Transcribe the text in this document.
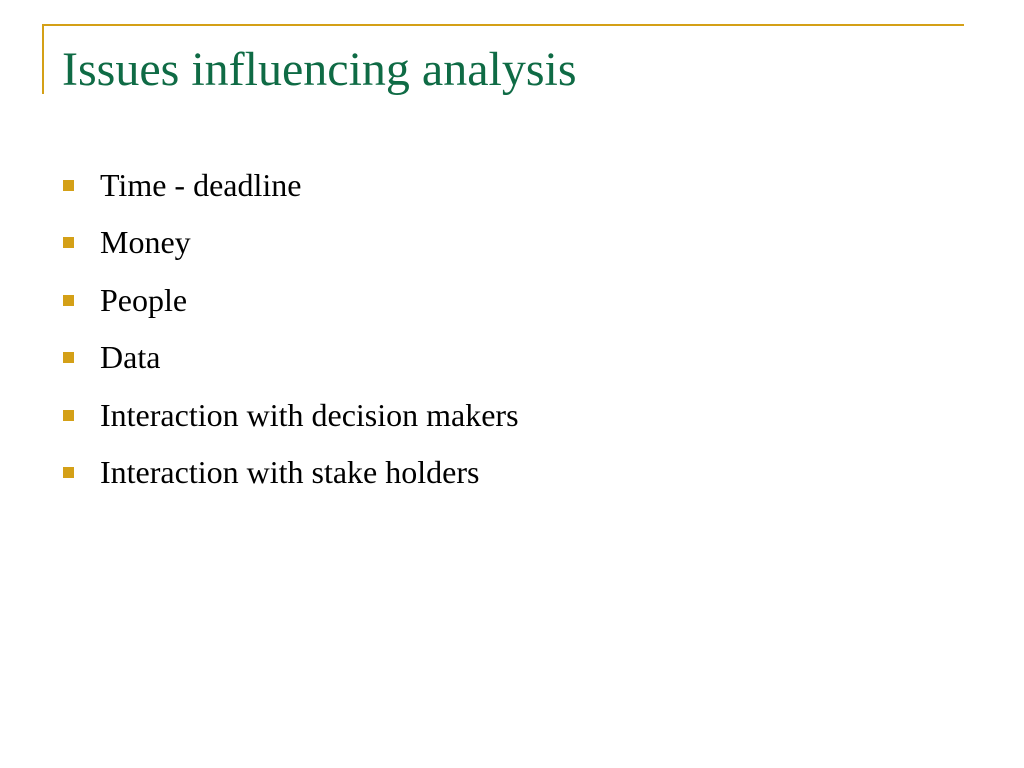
Issues influencing analysis
Time - deadline
Money
People
Data
Interaction with decision makers
Interaction with stake holders
